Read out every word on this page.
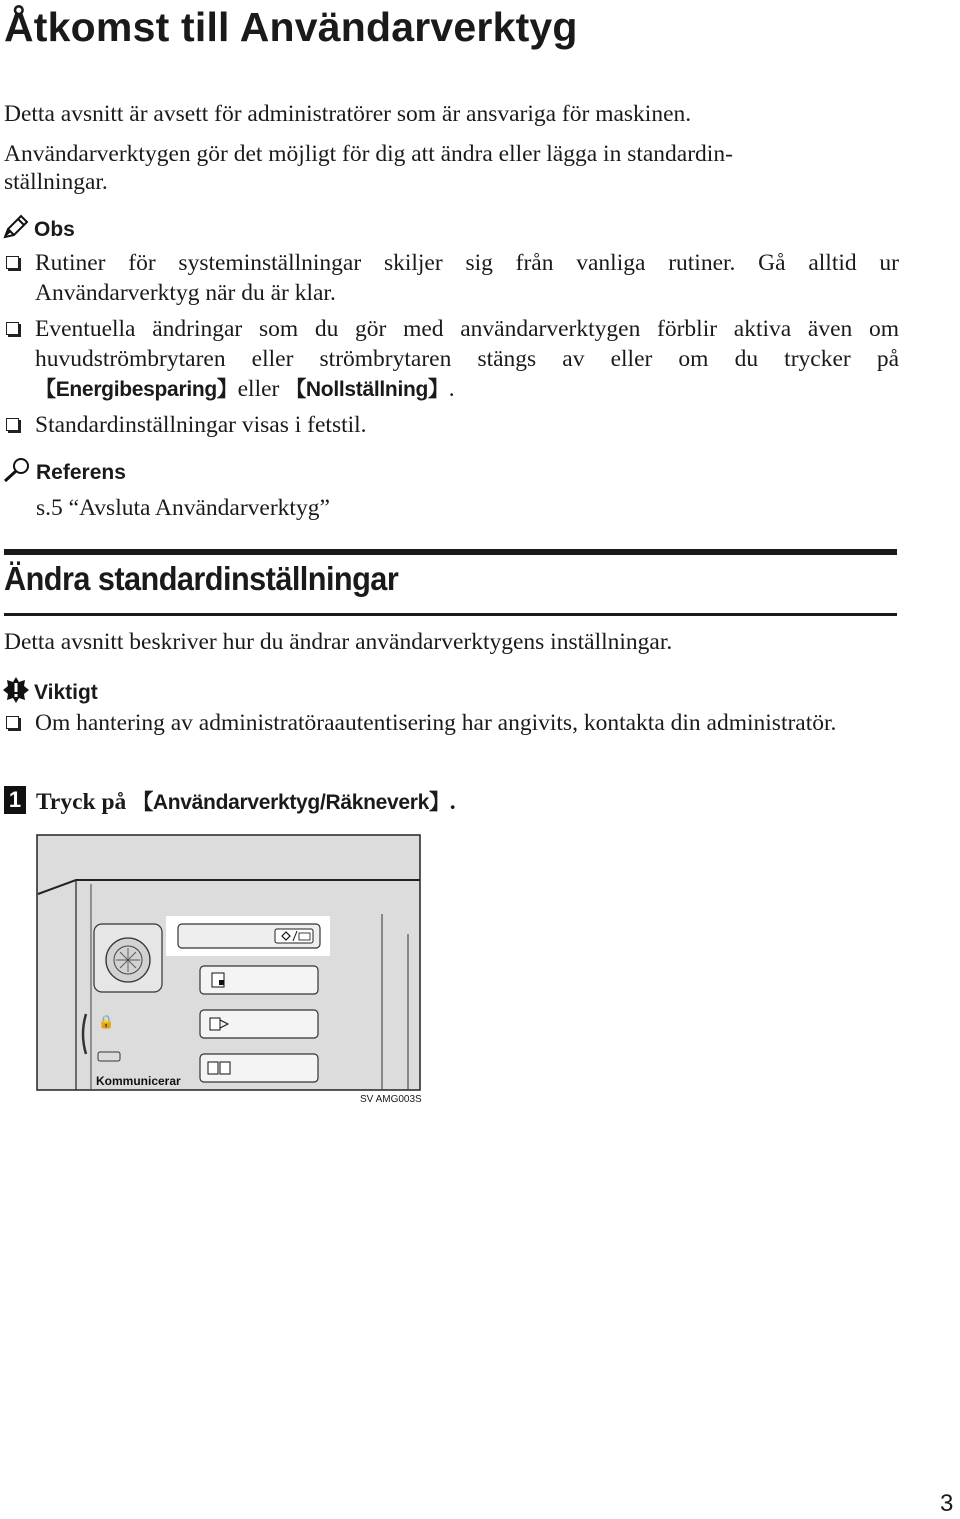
Åtkomst till Användarverktyg

Detta avsnitt är avsett för administratörer som är ansvariga för maskinen.

Användarverktygen gör det möjligt för dig att ändra eller lägga in standardin-

ställningar.

Obs
Rutiner för systeminställningar skiljer sig från vanliga rutiner. Gå alltid ur Användarverktyg när du är klar.
Eventuella ändringar som du gör med användarverktygen förblir aktiva även om huvudströmbrytaren eller strömbrytaren stängs av eller om du trycker på 【Energibesparing】eller 【Nollställning】.
Standardinställningar visas i fetstil.
Referens

s.5 “Avsluta Användarverktyg”

Ändra standardinställningar

Detta avsnitt beskriver hur du ändrar användarverktygens inställningar.

Viktigt
Om hantering av administratöraautentisering har angivits, kontakta din administratör.
1 Tryck på 【Användarverktyg/Räkneverk】.
🔒
Kommunicerar
SV AMG003S
3
